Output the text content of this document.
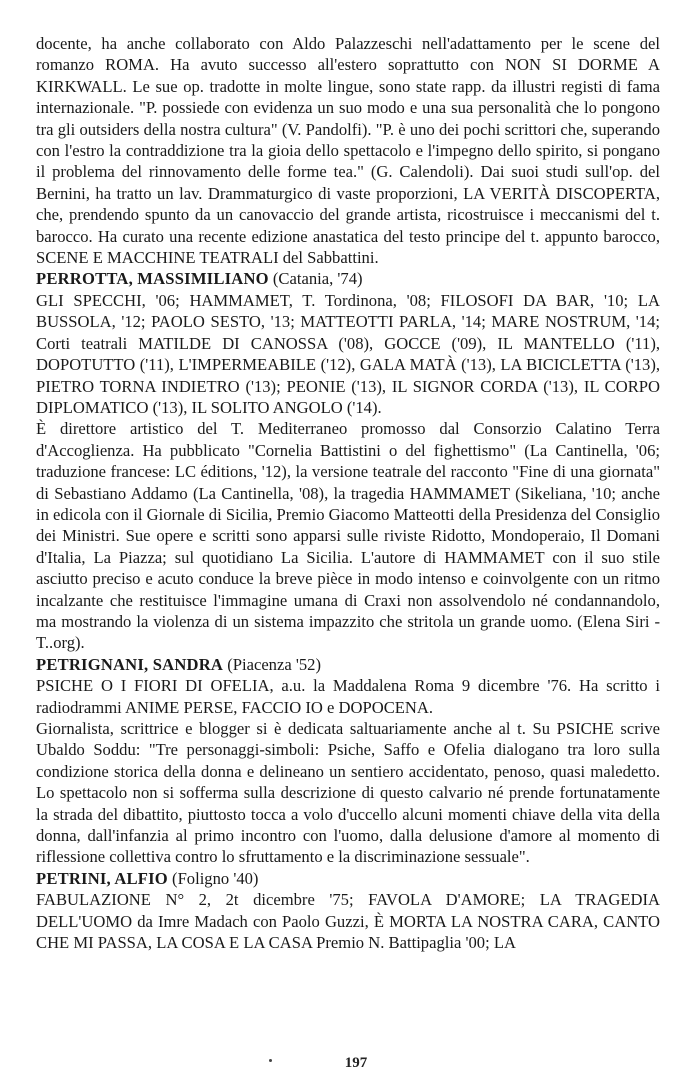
docente, ha anche collaborato con Aldo Palazzeschi nell'adattamento per le scene del romanzo ROMA. Ha avuto successo all'estero soprattutto con NON SI DORME A KIRKWALL. Le sue op. tradotte in molte lingue, sono state rapp. da illustri registi di fama internazionale. "P. possiede con evidenza un suo modo e una sua personalità che lo pongono tra gli outsiders della nostra cultura" (V. Pandolfi). "P. è uno dei pochi scrittori che, superando con l'estro la contraddizione tra la gioia dello spettacolo e l'impegno dello spirito, si pongano il problema del rinnovamento delle forme tea." (G. Calendoli). Dai suoi studi sull'op. del Bernini, ha tratto un lav. Drammaturgico di vaste proporzioni, LA VERITÀ DISCOPERTA, che, prendendo spunto da un canovaccio del grande artista, ricostruisce i meccanismi del t. barocco. Ha curato una recente edizione anastatica del testo principe del t. appunto barocco, SCENE E MACCHINE TEATRALI del Sabbattini.

PERROTTA, MASSIMILIANO (Catania, '74)

GLI SPECCHI, '06; HAMMAMET, T. Tordinona, '08; FILOSOFI DA BAR, '10; LA BUSSOLA, '12; PAOLO SESTO, '13; MATTEOTTI PARLA, '14; MARE NOSTRUM, '14; Corti teatrali MATILDE DI CANOSSA ('08), GOCCE ('09), IL MANTELLO ('11), DOPOTUTTO ('11), L'IMPERMEABILE ('12), GALA MATÀ ('13), LA BICICLETTA ('13), PIETRO TORNA INDIETRO ('13); PEONIE ('13), IL SIGNOR CORDA ('13), IL CORPO DIPLOMATICO ('13), IL SOLITO ANGOLO ('14).

È direttore artistico del T. Mediterraneo promosso dal Consorzio Calatino Terra d'Accoglienza. Ha pubblicato "Cornelia Battistini o del fighettismo" (La Cantinella, '06; traduzione francese: LC éditions, '12), la versione teatrale del racconto "Fine di una giornata" di Sebastiano Addamo (La Cantinella, '08), la tragedia HAMMAMET (Sikeliana, '10; anche in edicola con il Giornale di Sicilia, Premio Giacomo Matteotti della Presidenza del Consiglio dei Ministri. Sue opere e scritti sono apparsi sulle riviste Ridotto, Mondoperaio, Il Domani d'Italia, La Piazza; sul quotidiano La Sicilia. L'autore di HAMMAMET con il suo stile asciutto preciso e acuto conduce la breve pièce in modo intenso e coinvolgente con un ritmo incalzante che restituisce l'immagine umana di Craxi non assolvendolo né condannandolo, ma mostrando la violenza di un sistema impazzito che stritola un grande uomo. (Elena Siri - T..org).

PETRIGNANI, SANDRA (Piacenza '52)

PSICHE O I FIORI DI OFELIA, a.u. la Maddalena Roma 9 dicembre '76. Ha scritto i radiodrammi ANIME PERSE, FACCIO IO e DOPOCENA.

Giornalista, scrittrice e blogger si è dedicata saltuariamente anche al t. Su PSICHE scrive Ubaldo Soddu: "Tre personaggi-simboli: Psiche, Saffo e Ofelia dialogano tra loro sulla condizione storica della donna e delineano un sentiero accidentato, penoso, quasi maledetto. Lo spettacolo non si sofferma sulla descrizione di questo calvario né prende fortunatamente la strada del dibattito, piuttosto tocca a volo d'uccello alcuni momenti chiave della vita della donna, dall'infanzia al primo incontro con l'uomo, dalla delusione d'amore al momento di riflessione collettiva contro lo sfruttamento e la discriminazione sessuale".

PETRINI, ALFIO (Foligno '40)

FABULAZIONE N° 2, 2t dicembre '75; FAVOLA D'AMORE; LA TRAGEDIA DELL'UOMO da Imre Madach con Paolo Guzzi, È MORTA LA NOSTRA CARA, CANTO CHE MI PASSA, LA COSA E LA CASA Premio N. Battipaglia '00; LA

197
